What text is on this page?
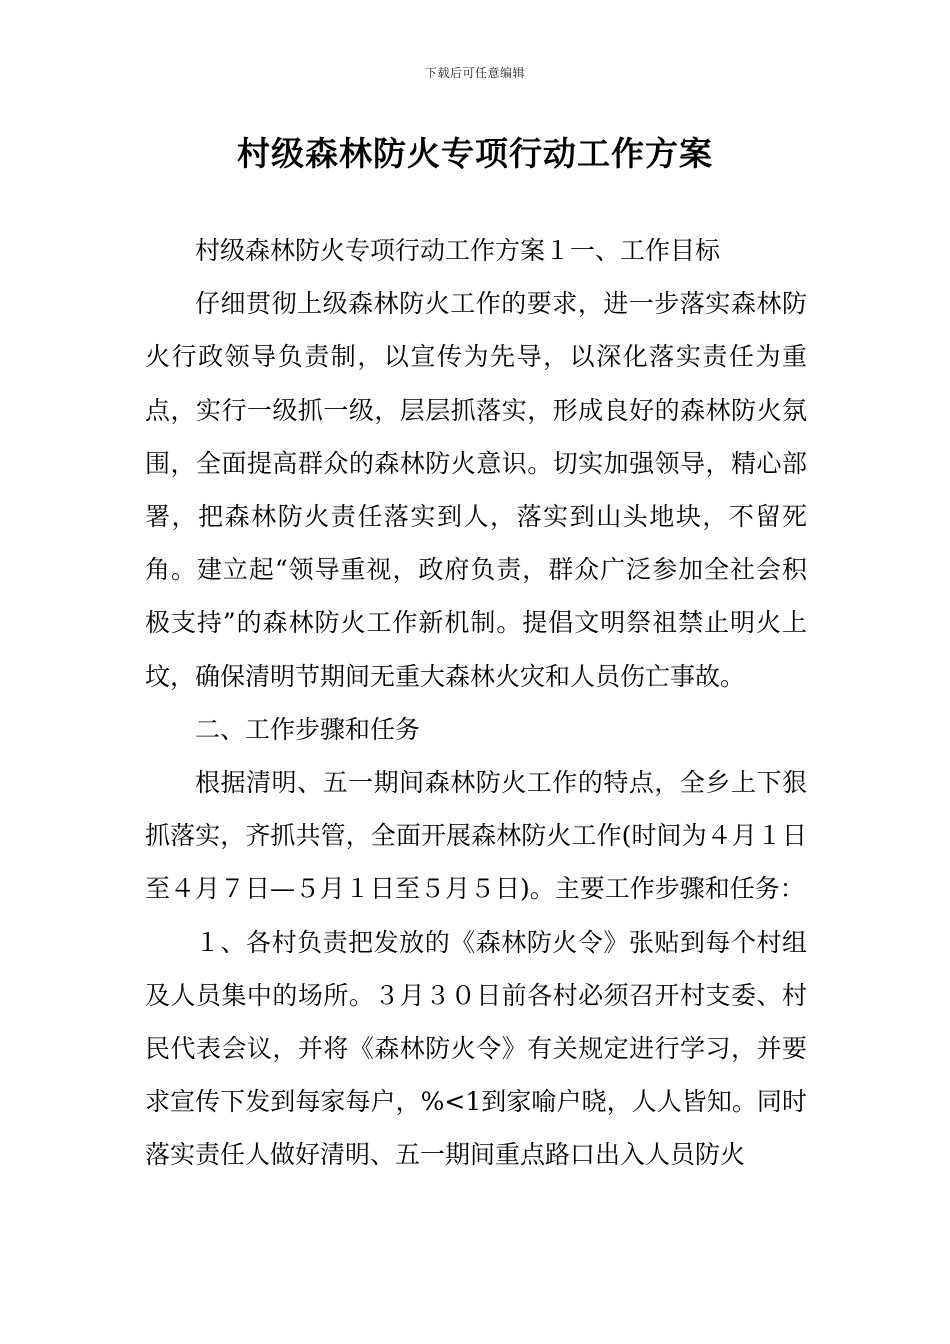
下载后可任意编辑
村级森林防火专项行动工作方案

村级森林防火专项行动工作方案１一、工作目标

仔细贯彻上级森林防火工作的要求，进一步落实森林防火行政领导负责制，以宣传为先导，以深化落实责任为重点，实行一级抓一级，层层抓落实，形成良好的森林防火氛围，全面提高群众的森林防火意识。切实加强领导，精心部署，把森林防火责任落实到人，落实到山头地块，不留死角。建立起“领导重视，政府负责，群众广泛参加全社会积极支持”的森林防火工作新机制。提倡文明祭祖禁止明火上坟，确保清明节期间无重大森林火灾和人员伤亡事故。

二、工作步骤和任务

根据清明、五一期间森林防火工作的特点，全乡上下狠抓落实，齐抓共管，全面开展森林防火工作(时间为４月１日至４月７日—５月１日至５月５日)。主要工作步骤和任务：

１、各村负责把发放的《森林防火令》张贴到每个村组及人员集中的场所。３月３０日前各村必须召开村支委、村民代表会议，并将《森林防火令》有关规定进行学习，并要求宣传下发到每家每户，%<1到家喻户晓，人人皆知。同时落实责任人做好清明、五一期间重点路口出入人员防火
